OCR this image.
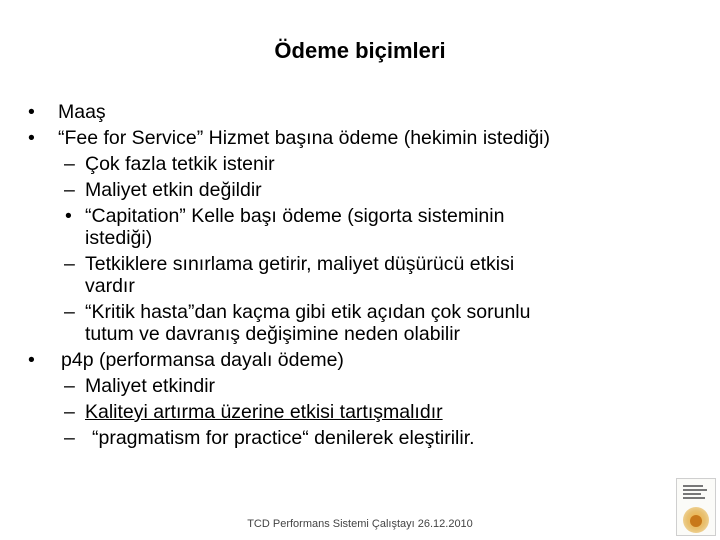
Ödeme biçimleri
• Maaş
• “Fee for Service” Hizmet başına ödeme (hekimin istediği)
– Çok fazla tetkik istenir
– Maliyet etkin değildir
• “Capitation” Kelle başı ödeme (sigorta sisteminin
istediği)
– Tetkiklere sınırlama getirir, maliyet düşürücü etkisi
vardır
– “Kritik hasta”dan kaçma gibi etik açıdan çok sorunlu
tutum ve davranış değişimine neden olabilir
• p4p (performansa dayalı ödeme)
– Maliyet etkindir
– Kaliteyi artırma üzerine etkisi tartışmalıdır
– “pragmatism for practice“ denilerek eleştirilir.
TCD Performans Sistemi Çalıştayı 26.12.2010
